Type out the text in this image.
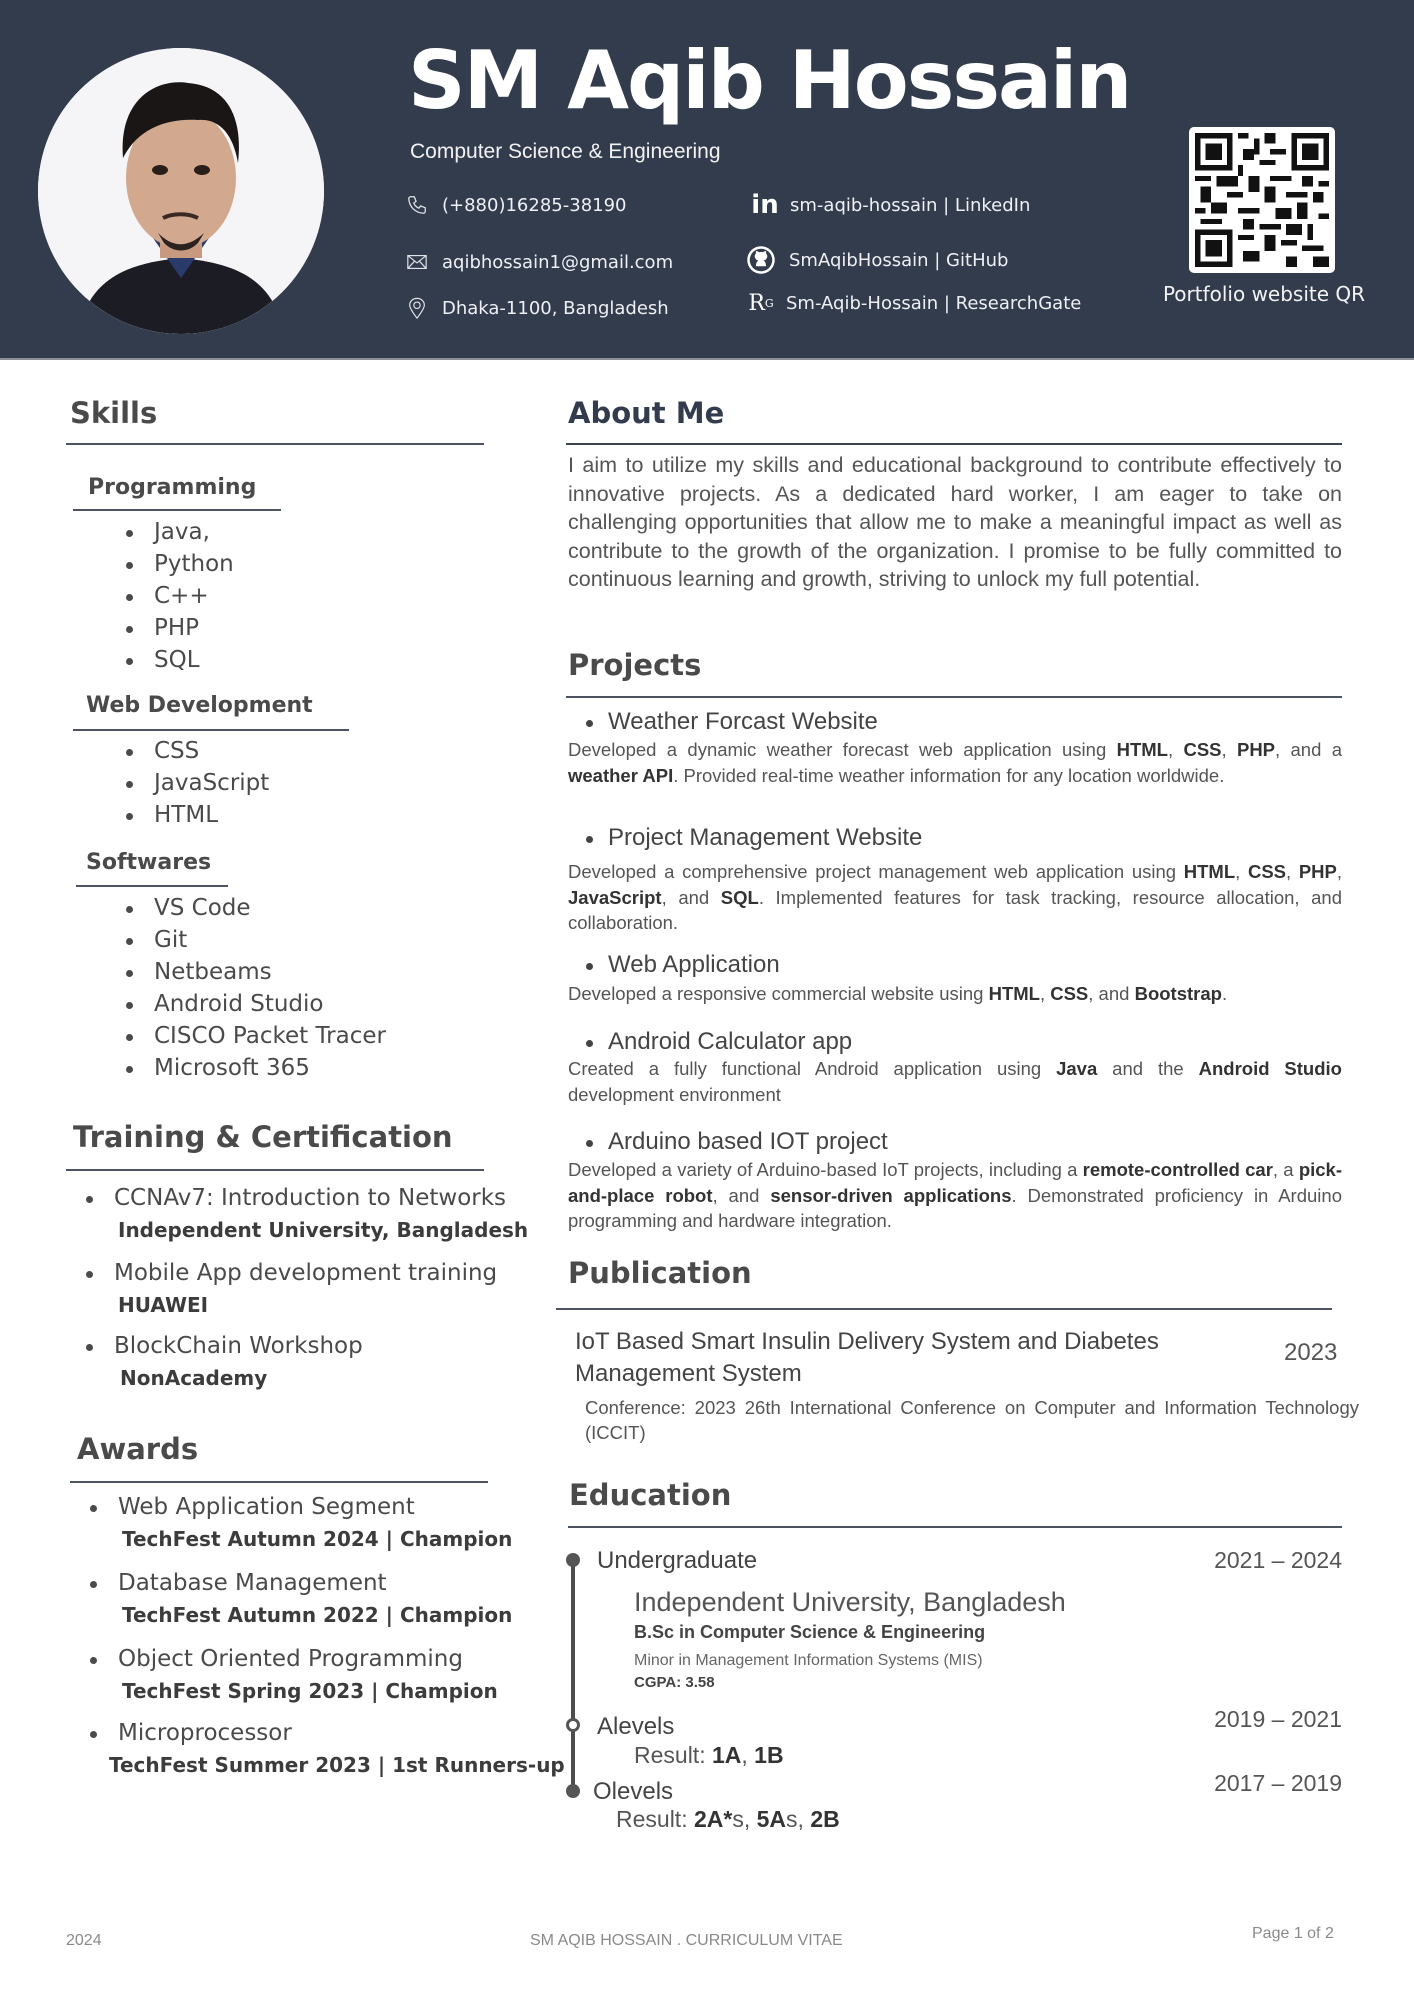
SM Aqib Hossain
Computer Science & Engineering
(+880)16285-38190
aqibhossain1@gmail.com
Dhaka-1100, Bangladesh
in sm-aqib-hossain | LinkedIn
SmAqibHossain | GitHub
R G Sm-Aqib-Hossain | ResearchGate	Portfolio website QR
Skills
Programming
Java,
Python
C++
PHP
SQL
Web Development
CSS
JavaScript
HTML
Softwares
VS Code
Git
Netbeams
Android Studio
CISCO Packet Tracer
Microsoft 365
Training & Certification
CCNAv7: Introduction to Networks
Independent University, Bangladesh
Mobile App development training
HUAWEI
BlockChain Workshop
NonAcademy
Awards
Web Application Segment
TechFest Autumn 2024 | Champion
Database Management
TechFest Autumn 2022 | Champion
Object Oriented Programming
TechFest Spring 2023 | Champion
Microprocessor
TechFest Summer 2023 | 1st Runners-up
About Me
I aim to utilize my skills and educational background to contribute effectively to innovative projects. As a dedicated hard worker, I am eager to take on challenging opportunities that allow me to make a meaningful impact as well as contribute to the growth of the organization. I promise to be fully committed to continuous learning and growth, striving to unlock my full potential.
Projects
Weather Forcast Website
Developed a dynamic weather forecast web application using HTML, CSS, PHP, and a weather API. Provided real-time weather information for any location worldwide.
Project Management Website
Developed a comprehensive project management web application using HTML, CSS, PHP, JavaScript, and SQL. Implemented features for task tracking, resource allocation, and collaboration.
Web Application
Developed a responsive commercial website using HTML, CSS, and Bootstrap.
Android Calculator app
Created a fully functional Android application using Java and the Android Studio development environment
Arduino based IOT project
Developed a variety of Arduino-based IoT projects, including a remote-controlled car, a pick-and-place robot, and sensor-driven applications. Demonstrated proficiency in Arduino programming and hardware integration.
Publication
IoT Based Smart Insulin Delivery System and Diabetes Management System
2023
Conference: 2023 26th International Conference on Computer and Information Technology (ICCIT)
Education
Undergraduate	2021 – 2024
Independent University, Bangladesh
B.Sc in Computer Science & Engineering
Minor in Management Information Systems (MIS)
CGPA: 3.58
Alevels	2019 – 2021
Result: 1A, 1B
Olevels	2017 – 2019
Result: 2A*s, 5As, 2B
2024	SM AQIB HOSSAIN . CURRICULUM VITAE	Page 1 of 2
